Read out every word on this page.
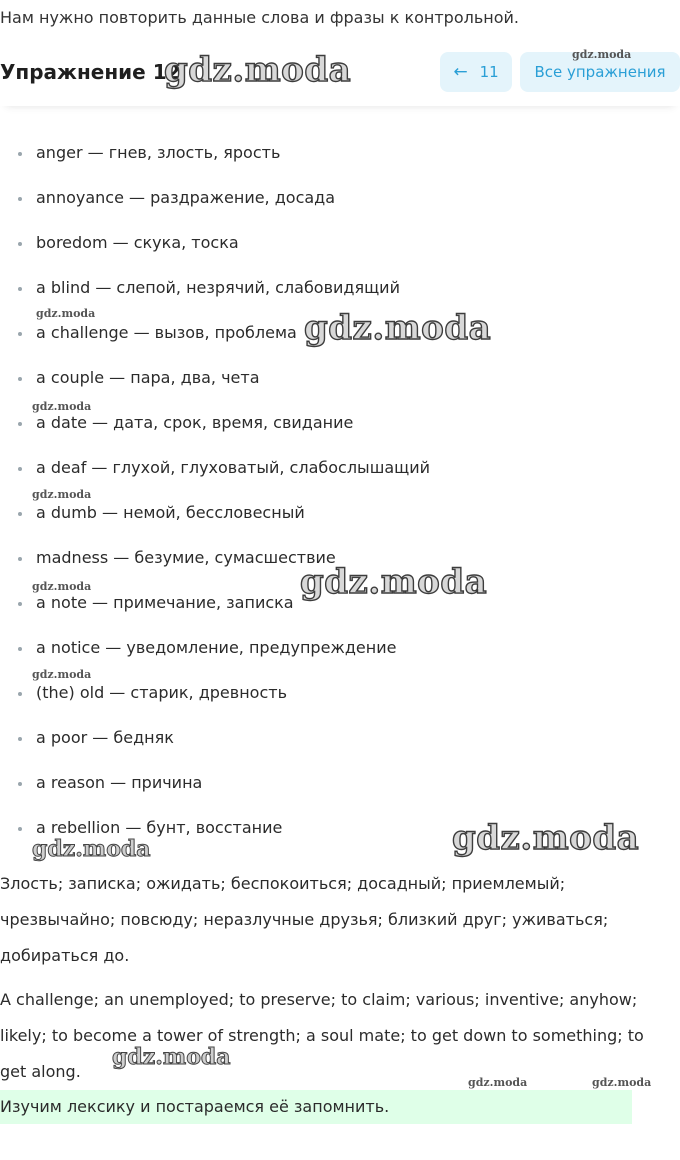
Нам нужно повторить данные слова и фразы к контрольной.
Упражнение 12	← 11	Все упражнения
anger — гнев, злость, ярость
annoyance — раздражение, досада
boredom — скука, тоска
a blind — слепой, незрячий, слабовидящий
a challenge — вызов, проблема
a couple — пара, два, чета
a date — дата, срок, время, свидание
a deaf — глухой, глуховатый, слабослышащий
a dumb — немой, бессловесный
madness — безумие, сумасшествие
a note — примечание, записка
a notice — уведомление, предупреждение
(the) old — старик, древность
a poor — бедняк
a reason — причина
a rebellion — бунт, восстание
Злость; записка; ожидать; беспокоиться; досадный; приемлемый; чрезвычайно; повсюду; неразлучные друзья; близкий друг; уживаться; добираться до.
A challenge; an unemployed; to preserve; to claim; various; inventive; anyhow; likely; to become a tower of strength; a soul mate; to get down to something; to get along.
Изучим лексику и постараемся её запомнить.
gdz.moda	gdz.moda
gdz.moda	gdz.moda
gdz.moda
gdz.moda
gdz.moda	gdz.moda
gdz.moda
gdz.moda
gdz.moda
gdz.moda
gdz.moda	gdz.moda
